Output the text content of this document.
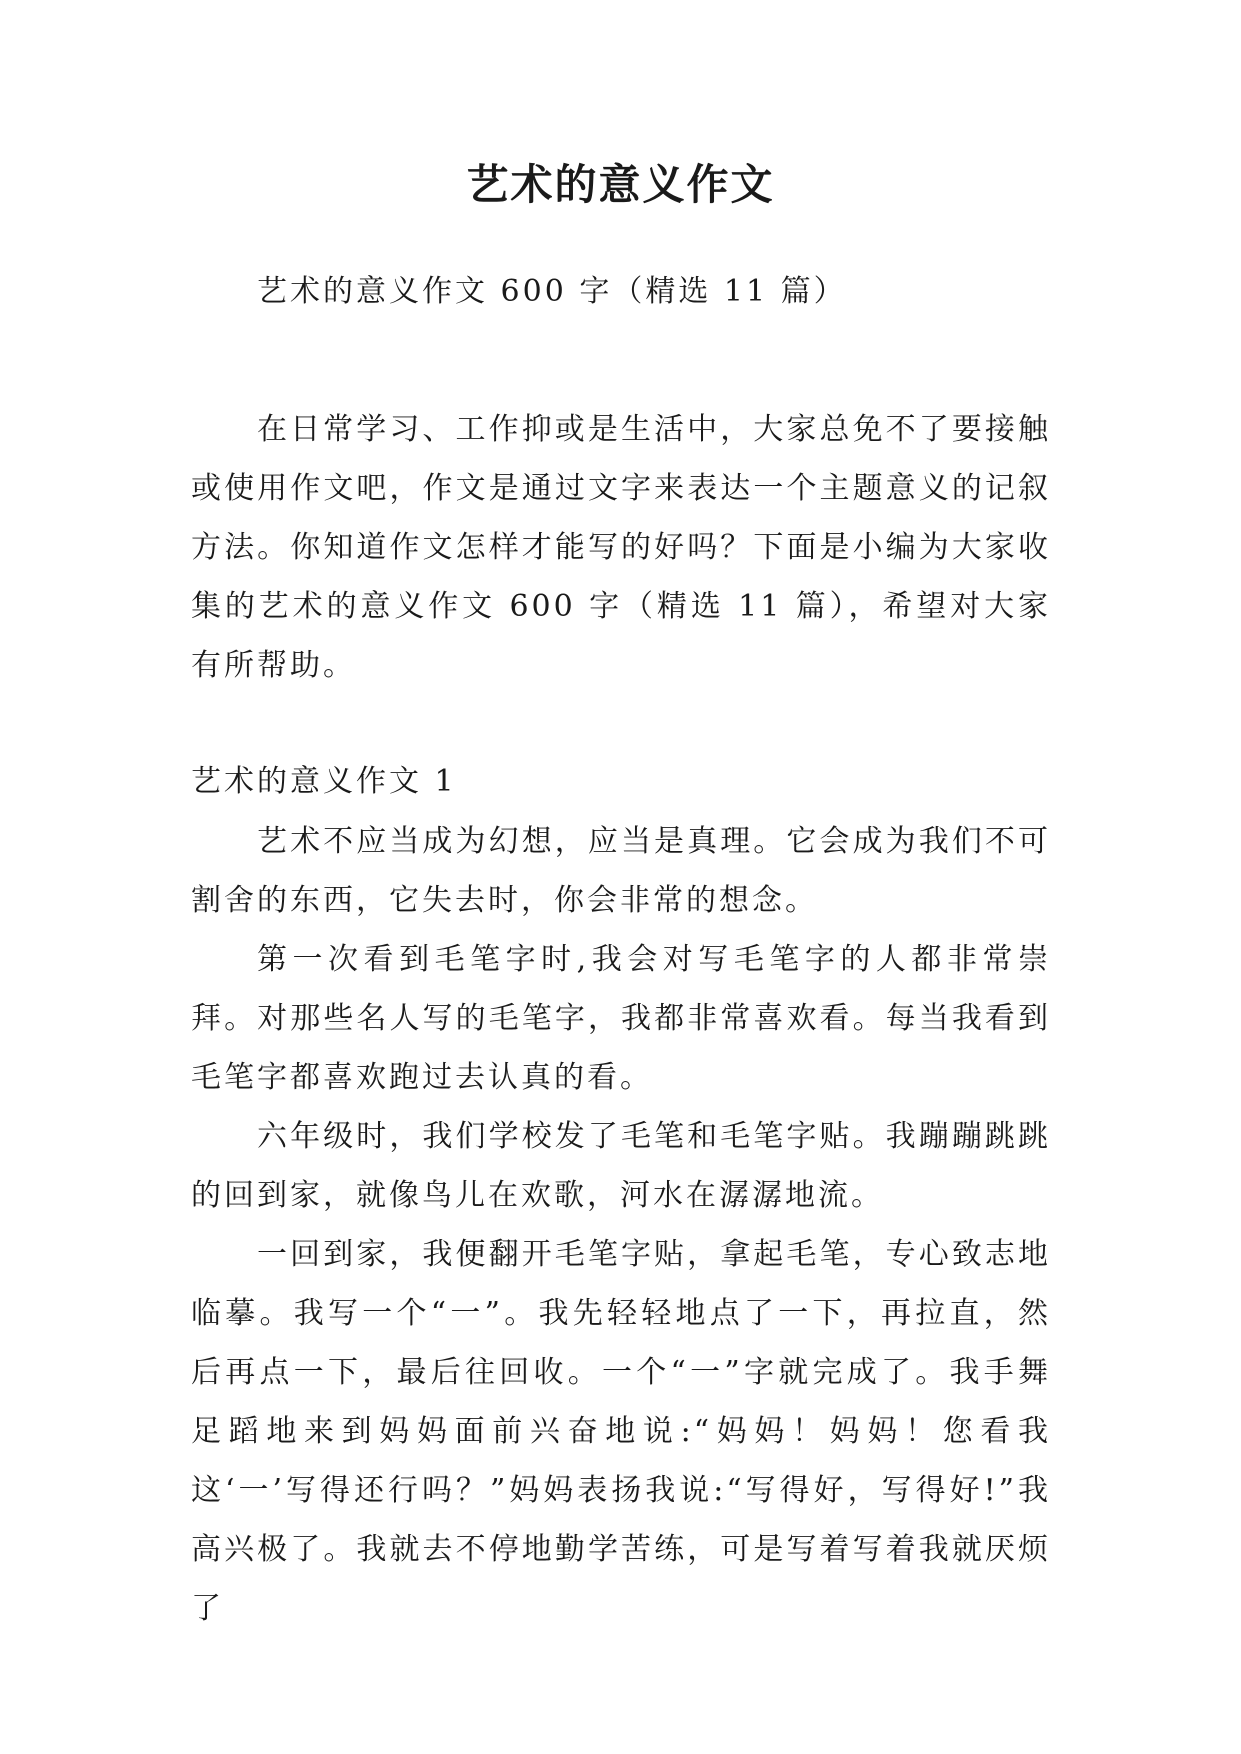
艺术的意义作文
艺术的意义作文 600 字（精选 11 篇）
在日常学习、工作抑或是生活中，大家总免不了要接触或使用作文吧，作文是通过文字来表达一个主题意义的记叙方法。你知道作文怎样才能写的好吗？下面是小编为大家收集的艺术的意义作文 600 字（精选 11 篇），希望对大家有所帮助。
艺术的意义作文 1

艺术不应当成为幻想，应当是真理。它会成为我们不可割舍的东西，它失去时，你会非常的想念。

第一次看到毛笔字时,我会对写毛笔字的人都非常崇拜。对那些名人写的毛笔字，我都非常喜欢看。每当我看到毛笔字都喜欢跑过去认真的看。

六年级时，我们学校发了毛笔和毛笔字贴。我蹦蹦跳跳的回到家，就像鸟儿在欢歌，河水在潺潺地流。

一回到家，我便翻开毛笔字贴，拿起毛笔，专心致志地临摹。我写一个“一”。我先轻轻地点了一下，再拉直，然后再点一下，最后往回收。一个“一”字就完成了。我手舞足蹈地来到妈妈面前兴奋地说:“妈妈！妈妈！您看我这‘一’写得还行吗？”妈妈表扬我说:“写得好，写得好!”我高兴极了。我就去不停地勤学苦练，可是写着写着我就厌烦了
